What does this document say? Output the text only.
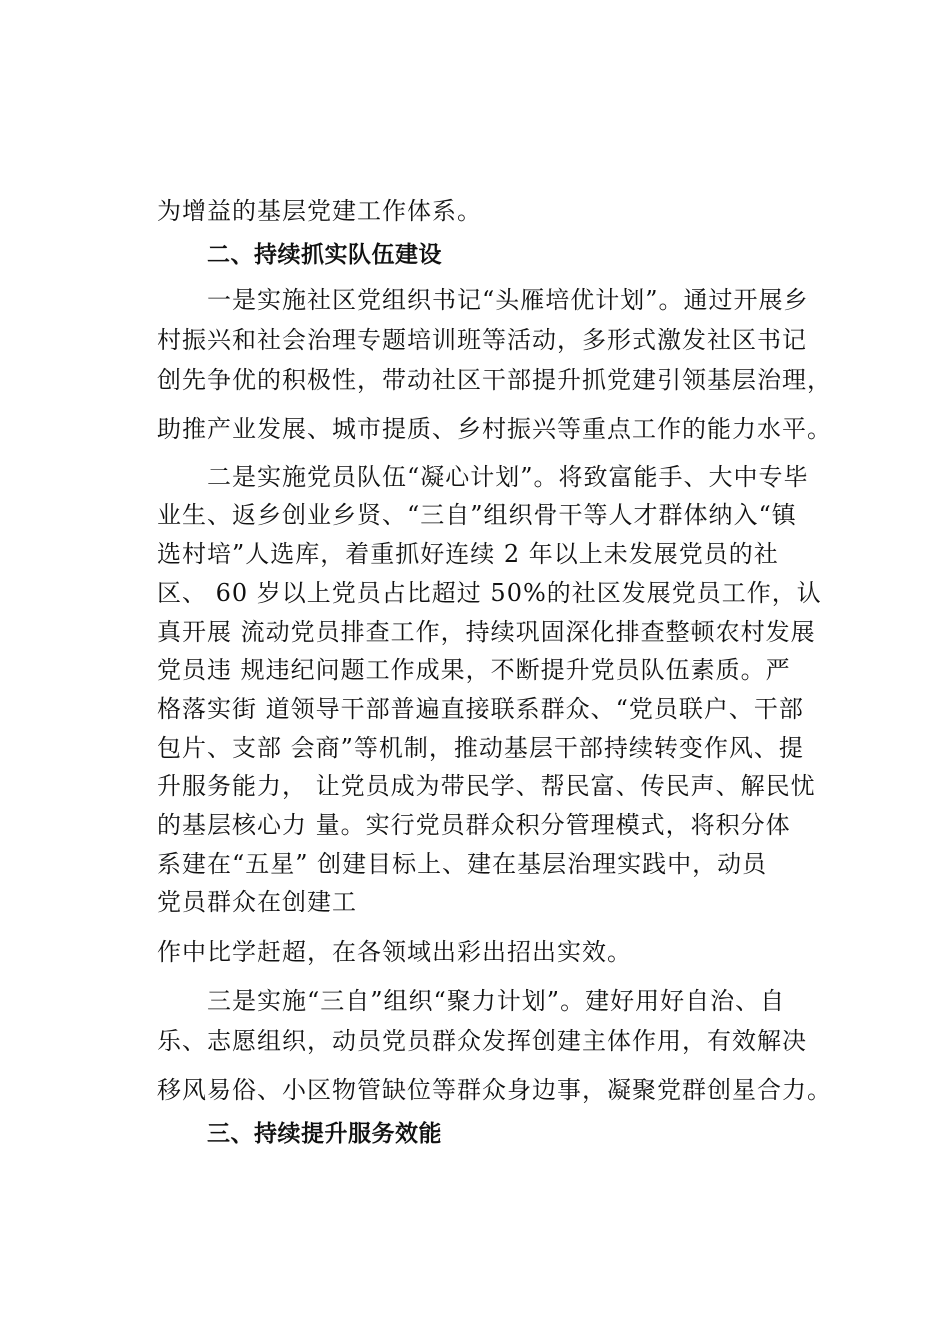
为增益的基层党建工作体系。
二、持续抓实队伍建设
一是实施社区党组织书记“头雁培优计划”。通过开展乡
村振兴和社会治理专题培训班等活动，多形式激发社区书记
创先争优的积极性，带动社区干部提升抓党建引领基层治理，
助推产业发展、城市提质、乡村振兴等重点工作的能力水平。
二是实施党员队伍“凝心计划”。将致富能手、大中专毕
业生、返乡创业乡贤、“三自”组织骨干等人才群体纳入“镇
选村培”人选库，着重抓好连续 2 年以上未发展党员的社
区、 60 岁以上党员占比超过 50%的社区发展党员工作，认
真开展 流动党员排查工作，持续巩固深化排查整顿农村发展
党员违 规违纪问题工作成果，不断提升党员队伍素质。严
格落实街 道领导干部普遍直接联系群众、“党员联户、干部
包片、支部 会商”等机制，推动基层干部持续转变作风、提
升服务能力， 让党员成为带民学、帮民富、传民声、解民忧
的基层核心力 量。实行党员群众积分管理模式，将积分体
系建在“五星” 创建目标上、建在基层治理实践中，动员
党员群众在创建工
作中比学赶超，在各领域出彩出招出实效。
三是实施“三自”组织“聚力计划”。建好用好自治、自
乐、志愿组织，动员党员群众发挥创建主体作用，有效解决
移风易俗、小区物管缺位等群众身边事，凝聚党群创星合力。
三、持续提升服务效能
